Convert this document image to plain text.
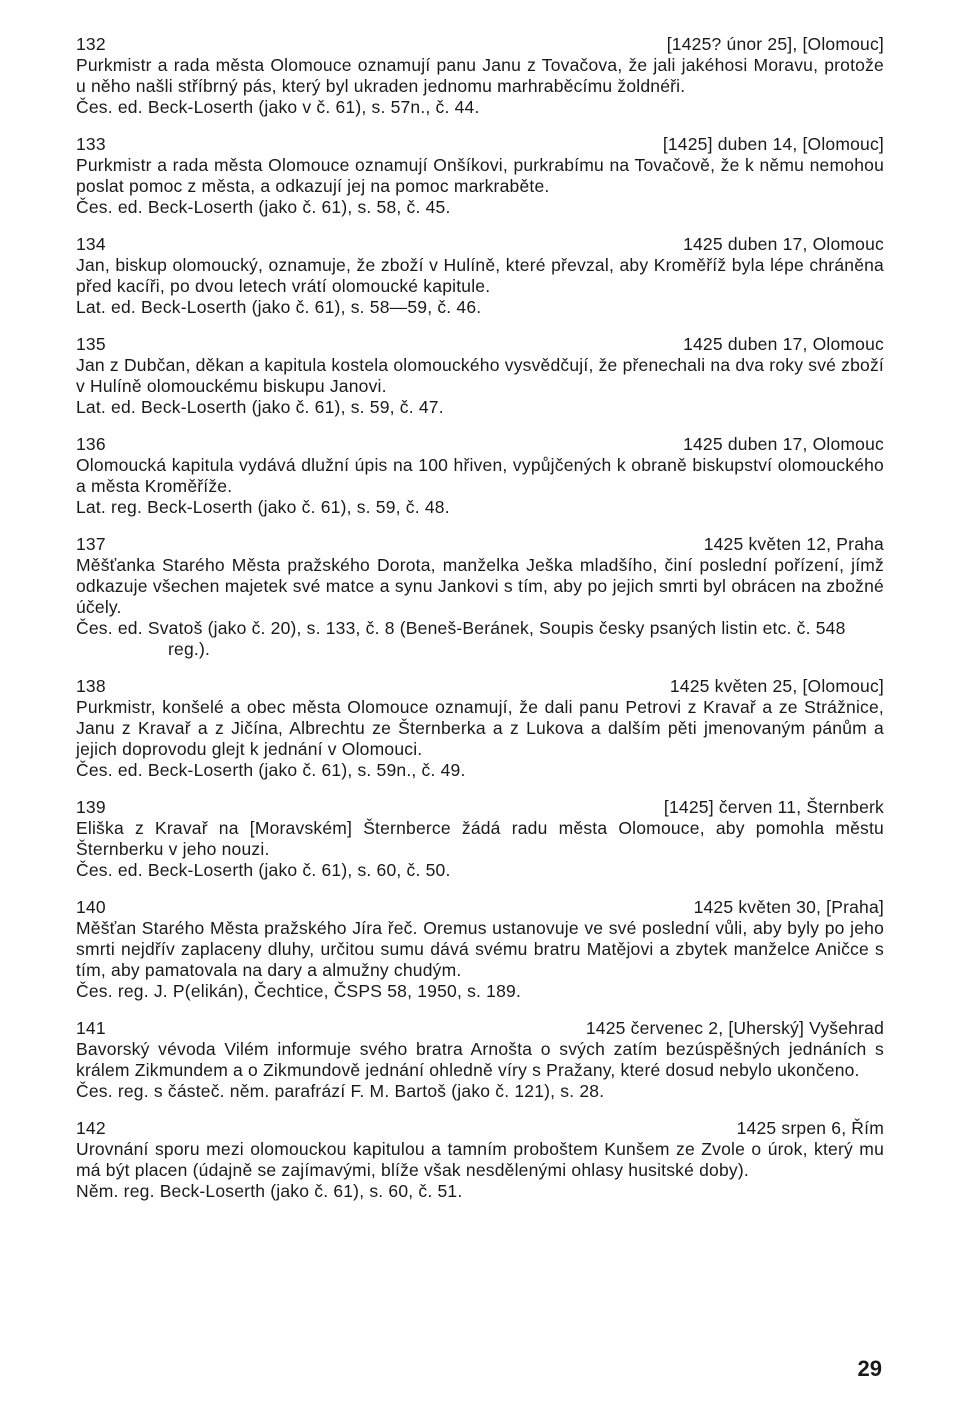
132	[1425? únor 25], [Olomouc]

Purkmistr a rada města Olomouce oznamují panu Janu z Tovačova, že jali jakéhosi Moravu, protože u něho našli stříbrný pás, který byl ukraden jednomu marhraběcímu žoldnéři.

Čes. ed. Beck-Loserth (jako v č. 61), s. 57n., č. 44.

133	[1425] duben 14, [Olomouc]

Purkmistr a rada města Olomouce oznamují Onšíkovi, purkrabímu na Tovačově, že k němu nemohou poslat pomoc z města, a odkazují jej na pomoc markraběte.

Čes. ed. Beck-Loserth (jako č. 61), s. 58, č. 45.

134	1425 duben 17, Olomouc

Jan, biskup olomoucký, oznamuje, že zboží v Hulíně, které převzal, aby Kroměříž byla lépe chráněna před kacíři, po dvou letech vrátí olomoucké kapitule.

Lat. ed. Beck-Loserth (jako č. 61), s. 58—59, č. 46.

135	1425 duben 17, Olomouc

Jan z Dubčan, děkan a kapitula kostela olomouckého vysvědčují, že přenechali na dva roky své zboží v Hulíně olomouckému biskupu Janovi.

Lat. ed. Beck-Loserth (jako č. 61), s. 59, č. 47.

136	1425 duben 17, Olomouc

Olomoucká kapitula vydává dlužní úpis na 100 hřiven, vypůjčených k obraně biskupství olomouckého a města Kroměříže.

Lat. reg. Beck-Loserth (jako č. 61), s. 59, č. 48.

137	1425 květen 12, Praha

Měšťanka Starého Města pražského Dorota, manželka Ješka mladšího, činí poslední pořízení, jímž odkazuje všechen majetek své matce a synu Jankovi s tím, aby po jejich smrti byl obrácen na zbožné účely.

Čes. ed. Svatoš (jako č. 20), s. 133, č. 8 (Beneš-Beránek, Soupis česky psaných listin etc. č. 548 reg.).

138	1425 květen 25, [Olomouc]

Purkmistr, konšelé a obec města Olomouce oznamují, že dali panu Petrovi z Kravař a ze Strážnice, Janu z Kravař a z Jičína, Albrechtu ze Šternberka a z Lukova a dalším pěti jmenovaným pánům a jejich doprovodu glejt k jednání v Olomouci.

Čes. ed. Beck-Loserth (jako č. 61), s. 59n., č. 49.

139	[1425] červen 11, Šternberk

Eliška z Kravař na [Moravském] Šternberce žádá radu města Olomouce, aby pomohla městu Šternberku v jeho nouzi.

Čes. ed. Beck-Loserth (jako č. 61), s. 60, č. 50.

140	1425 květen 30, [Praha]

Měšťan Starého Města pražského Jíra řeč. Oremus ustanovuje ve své poslední vůli, aby byly po jeho smrti nejdřív zaplaceny dluhy, určitou sumu dává svému bratru Matějovi a zbytek manželce Aničce s tím, aby pamatovala na dary a almužny chudým.

Čes. reg. J. P(elikán), Čechtice, ČSPS 58, 1950, s. 189.

141	1425 červenec 2, [Uherský] Vyšehrad

Bavorský vévoda Vilém informuje svého bratra Arnošta o svých zatím bezúspěšných jednáních s králem Zikmundem a o Zikmundově jednání ohledně víry s Pražany, které dosud nebylo ukončeno.

Čes. reg. s částeč. něm. parafrází F. M. Bartoš (jako č. 121), s. 28.

142	1425 srpen 6, Řím

Urovnání sporu mezi olomouckou kapitulou a tamním proboštem Kunšem ze Zvole o úrok, který mu má být placen (údajně se zajímavými, blíže však nesdělenými ohlasy husitské doby).

Něm. reg. Beck-Loserth (jako č. 61), s. 60, č. 51.

29
